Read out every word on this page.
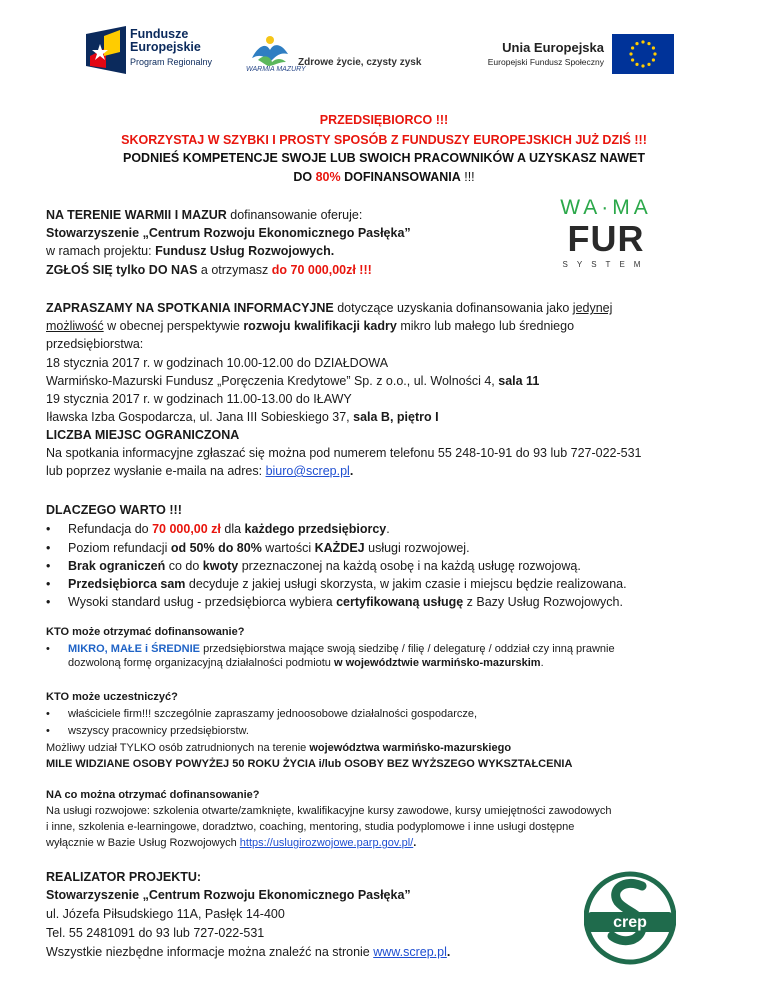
Fundusze
Europejskie
Program Regionalny
WARMIA MAZURY
Zdrowe życie, czysty zysk
Unia Europejska
Europejski Fundusz Społeczny
PRZEDSIĘBIORCO !!!
SKORZYSTAJ W SZYBKI I PROSTY SPOSÓB Z FUNDUSZY EUROPEJSKICH JUŻ DZIŚ !!!
PODNIEŚ KOMPETENCJE SWOJE LUB SWOICH PRACOWNIKÓW A UZYSKASZ NAWET
DO 80% DOFINANSOWANIA !!!
NA TERENIE WARMII I MAZUR dofinansowanie oferuje:
Stowarzyszenie „Centrum Rozwoju Ekonomicznego Pasłęka”
w ramach projektu: Fundusz Usług Rozwojowych.
ZGŁOŚ SIĘ tylko DO NAS a otrzymasz do 70 000,00zł !!!
WA·MA
FUR
SYSTEM
ZAPRASZAMY NA SPOTKANIA INFORMACYJNE dotyczące uzyskania dofinansowania jako jedynej
możliwość w obecnej perspektywie rozwoju kwalifikacji kadry mikro lub małego lub średniego
przedsiębiorstwa:
18 stycznia 2017 r. w godzinach 10.00-12.00 do DZIAŁDOWA
Warmińsko-Mazurski Fundusz „Poręczenia Kredytowe” Sp. z o.o., ul. Wolności 4, sala 11
19 stycznia 2017 r. w godzinach 11.00-13.00 do IŁAWY
Iławska Izba Gospodarcza, ul. Jana III Sobieskiego 37, sala B, piętro I
LICZBA MIEJSC OGRANICZONA
Na spotkania informacyjne zgłaszać się można pod numerem telefonu 55 248-10-91 do 93 lub 727-022-531
lub poprzez wysłanie e-maila na adres: biuro@screp.pl.
DLACZEGO WARTO !!!
• Refundacja do 70 000,00 zł dla każdego przedsiębiorcy.
• Poziom refundacji od 50% do 80% wartości KAŻDEJ usługi rozwojowej.
• Brak ograniczeń co do kwoty przeznaczonej na każdą osobę i na każdą usługę rozwojową.
• Przedsiębiorca sam decyduje z jakiej usługi skorzysta, w jakim czasie i miejscu będzie realizowana.
• Wysoki standard usług - przedsiębiorca wybiera certyfikowaną usługę z Bazy Usług Rozwojowych.
KTO może otrzymać dofinansowanie?
• MIKRO, MAŁE i ŚREDNIE przedsiębiorstwa mające swoją siedzibę / filię / delegaturę / oddział czy inną prawnie
dozwoloną formę organizacyjną działalności podmiotu w województwie warmińsko-mazurskim.
KTO może uczestniczyć?
• właściciele firm!!! szczególnie zapraszamy jednoosobowe działalności gospodarcze,
• wszyscy pracownicy przedsiębiorstw.
Możliwy udział TYLKO osób zatrudnionych na terenie województwa warmińsko-mazurskiego
MILE WIDZIANE OSOBY POWYŻEJ 50 ROKU ŻYCIA i/lub OSOBY BEZ WYŻSZEGO WYKSZTAŁCENIA
NA co można otrzymać dofinansowanie?
Na usługi rozwojowe: szkolenia otwarte/zamknięte, kwalifikacyjne kursy zawodowe, kursy umiejętności zawodowych
i inne, szkolenia e-learningowe, doradztwo, coaching, mentoring, studia podyplomowe i inne usługi dostępne
wyłącznie w Bazie Usług Rozwojowych https://uslugirozwojowe.parp.gov.pl/.
REALIZATOR PROJEKTU:
Stowarzyszenie „Centrum Rozwoju Ekonomicznego Pasłęka”
ul. Józefa Piłsudskiego 11A, Pasłęk 14-400
Tel. 55 2481091 do 93 lub 727-022-531
Wszystkie niezbędne informacje można znaleźć na stronie www.screp.pl.
crep
